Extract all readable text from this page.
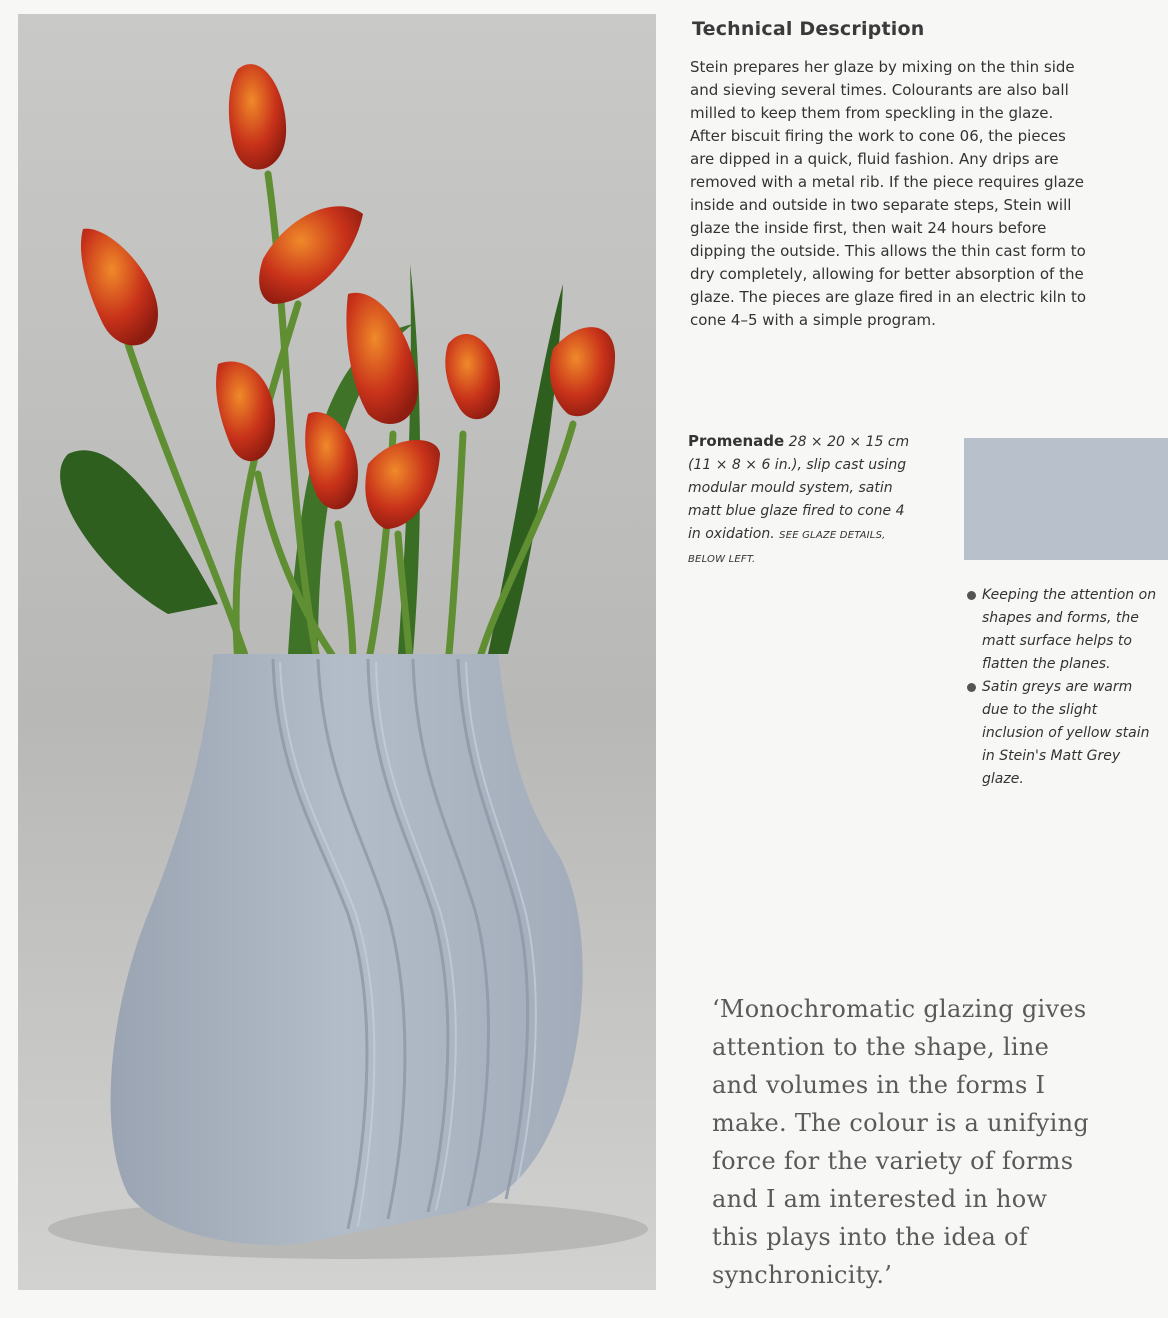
Technical Description
Stein prepares her glaze by mixing on the thin side and sieving several times. Colourants are also ball milled to keep them from speckling in the glaze. After biscuit firing the work to cone 06, the pieces are dipped in a quick, fluid fashion. Any drips are removed with a metal rib. If the piece requires glaze inside and outside in two separate steps, Stein will glaze the inside first, then wait 24 hours before dipping the outside. This allows the thin cast form to dry completely, allowing for better absorption of the glaze. The pieces are glaze fired in an electric kiln to cone 4–5 with a simple program.
Promenade 28 × 20 × 15 cm (11 × 8 × 6 in.), slip cast using modular mould system, satin matt blue glaze fired to cone 4 in oxidation. SEE GLAZE DETAILS, BELOW LEFT.
Keeping the attention on shapes and forms, the matt surface helps to flatten the planes.
Satin greys are warm due to the slight inclusion of yellow stain in Stein's Matt Grey glaze.
‘Monochromatic glazing gives attention to the shape, line and volumes in the forms I make. The colour is a unifying force for the variety of forms and I am interested in how this plays into the idea of synchronicity.’
